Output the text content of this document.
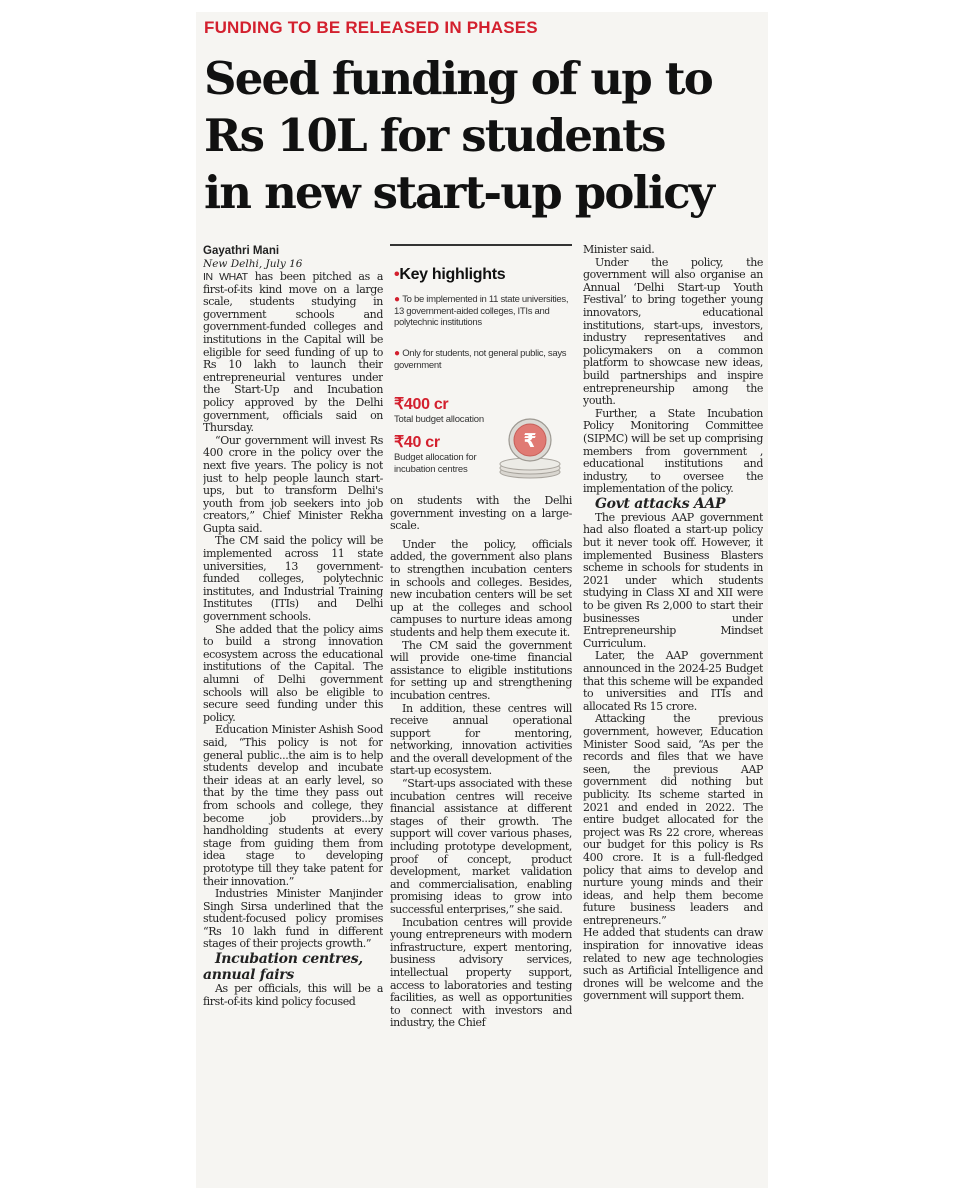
FUNDING TO BE RELEASED IN PHASES
Seed funding of up to
Rs 10L for students
in new start-up policy

Gayathri Mani

New Delhi, July 16

IN WHAT has been pitched as a first-of-its kind move on a large scale, students studying in government schools and government-funded colleges and institutions in the Capital will be eligible for seed funding of up to Rs 10 lakh to launch their entrepreneurial ventures under the Start-Up and Incubation policy approved by the Delhi government, officials said on Thursday.

“Our government will invest Rs 400 crore in the policy over the next five years. The policy is not just to help people launch start-ups, but to transform Delhi's youth from job seekers into job creators,” Chief Minister Rekha Gupta said.

The CM said the policy will be implemented across 11 state universities, 13 government-funded colleges, polytechnic institutes, and Industrial Training Institutes (ITIs) and Delhi government schools.

She added that the policy aims to build a strong innovation ecosystem across the educational institutions of the Capital. The alumni of Delhi government schools will also be eligible to secure seed funding under this policy.

Education Minister Ashish Sood said, “This policy is not for general public...the aim is to help students develop and incubate their ideas at an early level, so that by the time they pass out from schools and college, they become job providers...by handholding students at every stage from guiding them from idea stage to developing prototype till they take patent for their innovation.”

Industries Minister Manjinder Singh Sirsa underlined that the student-focused policy promises “Rs 10 lakh fund in different stages of their projects growth.”

Incubation centres, annual fairs

As per officials, this will be a first-of-its kind policy focused

•Key highlights
● To be implemented in 11 state universities, 13 government-aided colleges, ITIs and polytechnic institutions
● Only for students, not general public, says government
₹400 cr
Total budget allocation
₹40 cr
Budget allocation for incubation centres
₹

on students with the Delhi government investing on a large-scale.

Under the policy, officials added, the government also plans to strengthen incubation centers in schools and colleges. Besides, new incubation centers will be set up at the colleges and school campuses to nurture ideas among students and help them execute it.

The CM said the government will provide one-time financial assistance to eligible institutions for setting up and strengthening incubation centres.

In addition, these centres will receive annual operational support for mentoring, networking, innovation activities and the overall development of the start-up ecosystem.

“Start-ups associated with these incubation centres will receive financial assistance at different stages of their growth. The support will cover various phases, including prototype development, proof of concept, product development, market validation and commercialisation, enabling promising ideas to grow into successful enterprises,” she said.

Incubation centres will provide young entrepreneurs with modern infrastructure, expert mentoring, business advisory services, intellectual property support, access to laboratories and testing facilities, as well as opportunities to connect with investors and industry, the Chief

Minister said.

Under the policy, the government will also organise an Annual ‘Delhi Start-up Youth Festival’ to bring together young innovators, educational institutions, start-ups, investors, industry representatives and policymakers on a common platform to showcase new ideas, build partnerships and inspire entrepreneurship among the youth.

Further, a State Incubation Policy Monitoring Committee (SIPMC) will be set up comprising members from government , educational institutions and industry, to oversee the implementation of the policy.

Govt attacks AAP

The previous AAP government had also floated a start-up policy but it never took off. However, it implemented Business Blasters scheme in schools for students in 2021 under which students studying in Class XI and XII were to be given Rs 2,000 to start their businesses under Entrepreneurship Mindset Curriculum.

Later, the AAP government announced in the 2024-25 Budget that this scheme will be expanded to universities and ITIs and allocated Rs 15 crore.

Attacking the previous government, however, Education Minister Sood said, “As per the records and files that we have seen, the previous AAP government did nothing but publicity. Its scheme started in 2021 and ended in 2022. The entire budget allocated for the project was Rs 22 crore, whereas our budget for this policy is Rs 400 crore. It is a full-fledged policy that aims to develop and nurture young minds and their ideas, and help them become future business leaders and entrepreneurs.”

He added that students can draw inspiration for innovative ideas related to new age technologies such as Artificial Intelligence and drones will be welcome and the government will support them.
